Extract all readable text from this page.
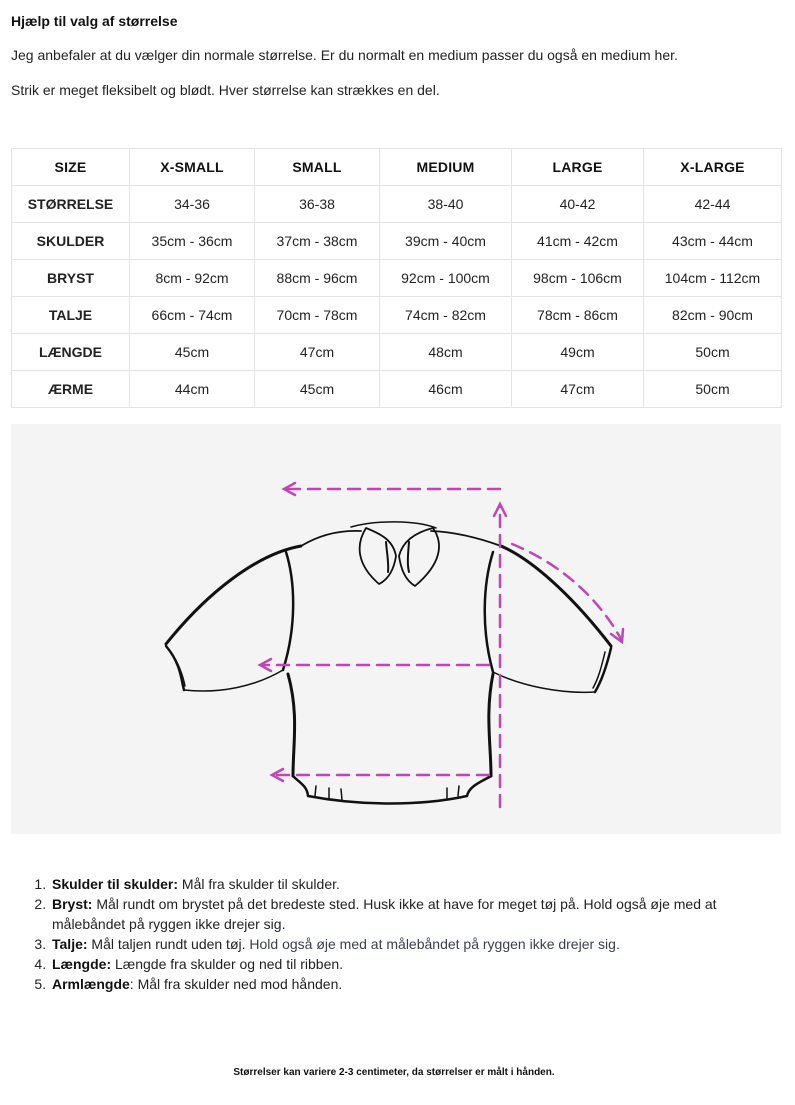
Hjælp til valg af størrelse

Jeg anbefaler at du vælger din normale størrelse. Er du normalt en medium passer du også en medium her.

Strik er meget fleksibelt og blødt. Hver størrelse kan strækkes en del.

SIZE	X-SMALL	SMALL	MEDIUM	LARGE	X-LARGE
STØRRELSE	34-36	36-38	38-40	40-42	42-44
SKULDER	35cm - 36cm	37cm - 38cm	39cm - 40cm	41cm - 42cm	43cm - 44cm
BRYST	8cm - 92cm	88cm - 96cm	92cm - 100cm	98cm - 106cm	104cm - 112cm
TALJE	66cm - 74cm	70cm - 78cm	74cm - 82cm	78cm - 86cm	82cm - 90cm
LÆNGDE	45cm	47cm	48cm	49cm	50cm
ÆRME	44cm	45cm	46cm	47cm	50cm
1. Skulder til skulder: Mål fra skulder til skulder.
2. Bryst: Mål rundt om brystet på det bredeste sted. Husk ikke at have for meget tøj på. Hold også øje med at målebåndet på ryggen ikke drejer sig.
3. Talje: Mål taljen rundt uden tøj. Hold også øje med at målebåndet på ryggen ikke drejer sig.
4. Længde: Længde fra skulder og ned til ribben.
5. Armlængde: Mål fra skulder ned mod hånden.
Størrelser kan variere 2-3 centimeter, da størrelser er målt i hånden.
